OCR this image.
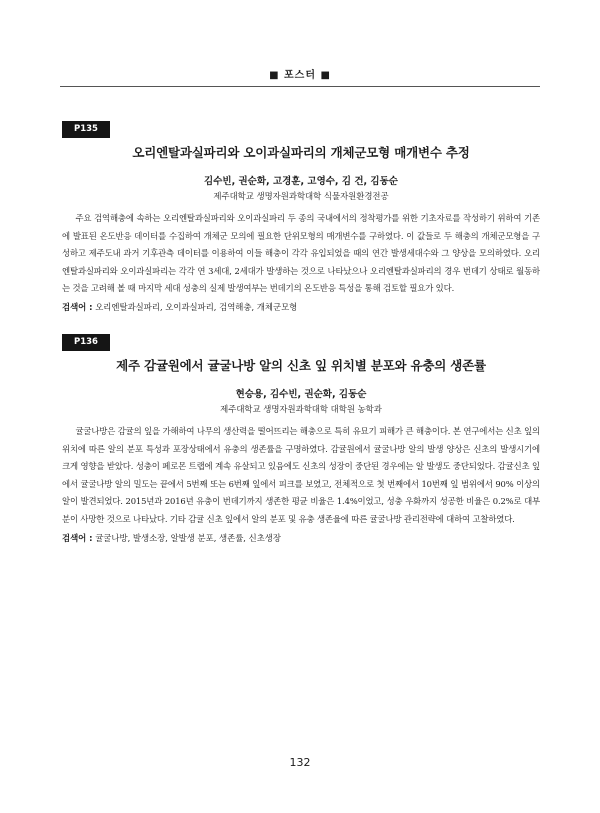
■ 포스터 ■
P135
오리엔탈과실파리와 오이과실파리의 개체군모형 매개변수 추정
김수빈, 권순화, 고경훈, 고영수, 김 건, 김동순
제주대학교 생명자원과학대학 식물자원환경전공
주요 검역해충에 속하는 오리엔탈과실파리와 오이과실파리 두 종의 국내에서의 정착평가를 위한 기초자료를 작성하기 위하여 기존에 발표된 온도반응 데이터를 수집하여 개체군 모의에 필요한 단위모형의 매개변수를 구하였다. 이 값들로 두 해충의 개체군모형을 구성하고 제주도내 과거 기후관측 데이터를 이용하여 이들 해충이 각각 유입되었을 때의 연간 발생세대수와 그 양상을 모의하였다. 오리엔탈과실파리와 오이과실파리는 각각 연 3세대, 2세대가 발생하는 것으로 나타났으나 오리엔탈과실파리의 경우 번데기 상태로 월동하는 것을 고려해 볼 때 마지막 세대 성충의 실제 발생여부는 번데기의 온도반응 특성을 통해 검토할 필요가 있다.
검색어 : 오리엔탈과실파리, 오이과실파리, 검역해충, 개체군모형
P136
제주 감귤원에서 귤굴나방 알의 신초 잎 위치별 분포와 유충의 생존률
현승용, 김수빈, 권순화, 김동순
제주대학교 생명자원과학대학 대학원 농학과
귤굴나방은 감귤의 잎을 가해하여 나무의 생산력을 떨어뜨리는 해충으로 특히 유묘기 피해가 큰 해충이다. 본 연구에서는 신초 잎의 위치에 따른 알의 분포 특성과 포장상태에서 유충의 생존률을 구명하였다. 감귤원에서 귤굴나방 알의 발생 양상은 신초의 발생시기에 크게 영향을 받았다. 성충이 페로몬 트랩에 계속 유살되고 있음에도 신초의 성장이 중단된 경우에는 알 발생도 중단되었다. 감귤신초 잎에서 귤굴나방 알의 밀도는 끝에서 5번째 또는 6번째 잎에서 피크를 보였고, 전체적으로 첫 번째에서 10번째 잎 범위에서 90% 이상의 알이 발견되었다. 2015년과 2016년 유충이 번데기까지 생존한 평균 비율은 1.4%이었고, 성충 우화까지 성공한 비율은 0.2%로 대부분이 사망한 것으로 나타났다. 기타 감귤 신초 잎에서 알의 분포 및 유충 생존율에 따른 귤굴나방 관리전략에 대하여 고찰하였다.
검색어 : 귤굴나방, 발생소장, 알발생 분포, 생존률, 신초생장
132
